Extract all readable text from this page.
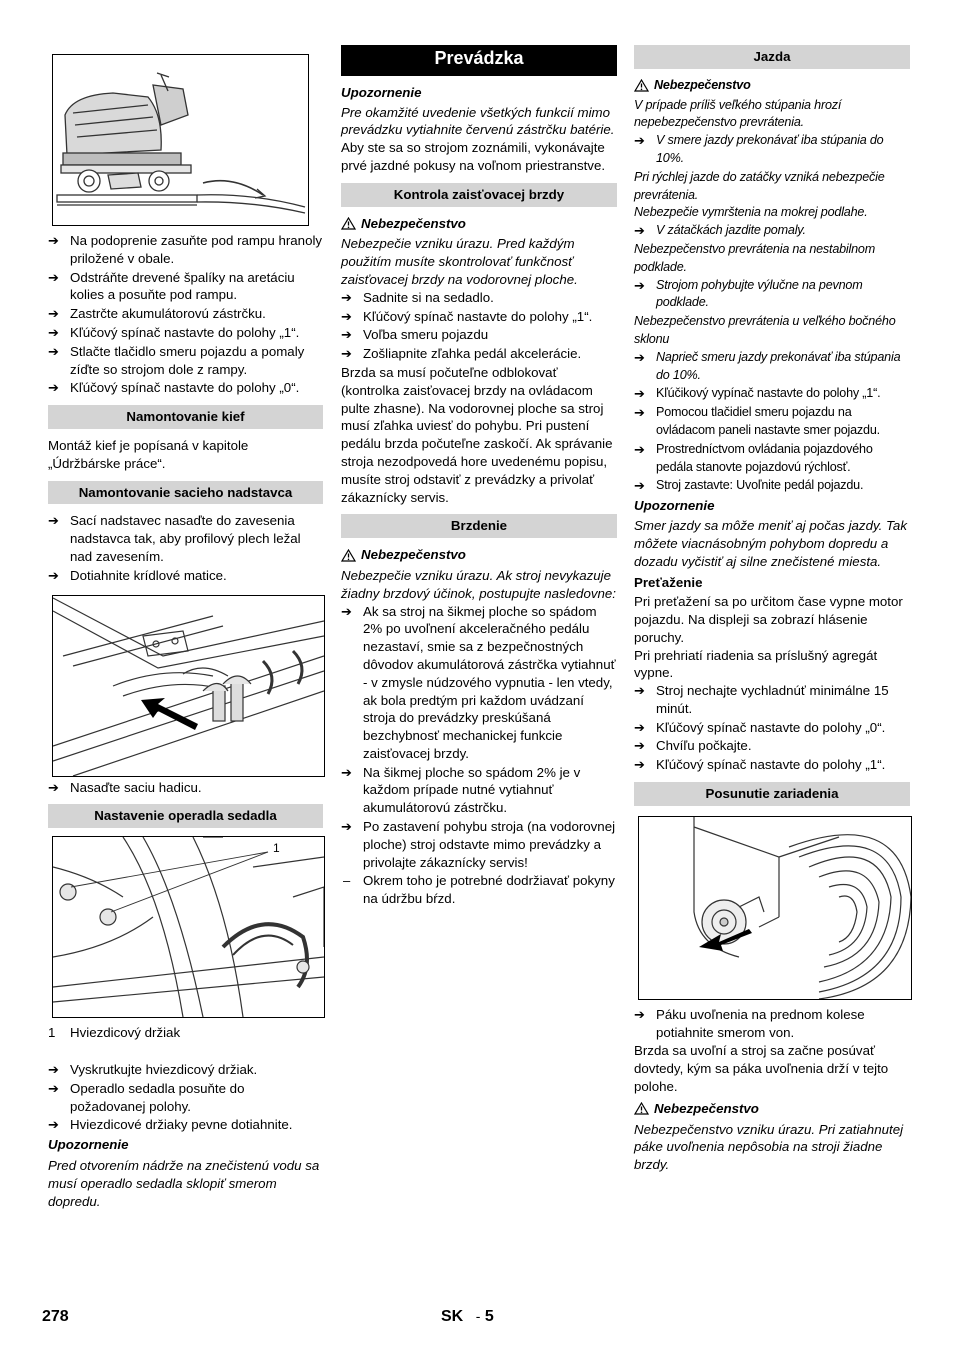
➔ Na podoprenie zasuňte pod rampu hranoly priložené v obale.
➔ Odstráňte drevené špalíky na aretáciu kolies a posuňte pod rampu.
➔ Zastrčte akumulátorovú zástrčku.
➔ Kľúčový spínač nastavte do polohy „1“.
➔ Stlačte tlačidlo smeru pojazdu a pomaly zíďte so strojom dole z rampy.
➔ Kľúčový spínač nastavte do polohy „0“.
Namontovanie kief

Montáž kief je popísaná v kapitole „Údržbárske práce“.

Namontovanie sacieho nadstavca
➔ Sací nadstavec nasaďte do zavesenia nadstavca tak, aby profilový plech ležal nad zavesením.
➔ Dotiahnite krídlové matice.
➔ Nasaďte saciu hadicu.
Nastavenie operadla sedadla
1
1 Hviezdicový držiak
➔ Vyskrutkujte hviezdicový držiak.
➔ Operadlo sedadla posuňte do požadovanej polohy.
➔ Hviezdicové držiaky pevne dotiahnite.

Upozornenie

Pred otvorením nádrže na znečistenú vodu sa musí operadlo sedadla sklopiť smerom dopredu.

Prevádzka

Upozornenie

Pre okamžité uvedenie všetkých funkcií mimo prevádzku vytiahnite červenú zástrčku batérie.

Aby ste sa so strojom zoznámili, vykonávajte prvé jazdné pokusy na voľnom priestranstve.

Kontrola zaisťovacej brzdy
Nebezpečenstvo

Nebezpečie vzniku úrazu. Pred každým použitím musíte skontrolovať funkčnosť zaisťovacej brzdy na vodorovnej ploche.

➔ Sadnite si na sedadlo.
➔ Kľúčový spínač nastavte do polohy „1“.
➔ Voľba smeru pojazdu
➔ Zošliapnite zľahka pedál akcelerácie.

Brzda sa musí počuteľne odblokovať (kontrolka zaisťovacej brzdy na ovládacom pulte zhasne). Na vodorovnej ploche sa stroj musí zľahka uviesť do pohybu. Pri pustení pedálu brzda počuteľne zaskočí. Ak správanie stroja nezodpovedá hore uvedenému popisu, musíte stroj odstaviť z prevádzky a privolať zákaznícky servis.

Brzdenie
Nebezpečenstvo

Nebezpečie vzniku úrazu. Ak stroj nevykazuje žiadny brzdový účinok, postupujte nasledovne:

➔ Ak sa stroj na šikmej ploche so spádom 2% po uvoľnení akceleračného pedálu nezastaví, smie sa z bezpečnostných dôvodov akumulátorová zástrčka vytiahnuť - v zmysle núdzového vypnutia - len vtedy, ak bola predtým pri každom uvádzaní stroja do prevádzky preskúšaná bezchybnosť mechanickej funkcie zaisťovacej brzdy.
➔ Na šikmej ploche so spádom 2% je v každom prípade nutné vytiahnuť akumulátorovú zástrčku.
➔ Po zastavení pohybu stroja (na vodorovnej ploche) stroj odstavte mimo prevádzky a privolajte zákaznícky servis!
– Okrem toho je potrebné dodržiavať pokyny na údržbu bŕzd.
Jazda
Nebezpečenstvo

V prípade príliš veľkého stúpania hrozí nepebezpečenstvo prevrátenia.

➔ V smere jazdy prekonávať iba stúpania do 10%.

Pri rýchlej jazde do zatáčky vzniká nebezpečie prevrátenia.

Nebezpečie vymrštenia na mokrej podlahe.

➔ V zátačkách jazdite pomaly.

Nebezpečenstvo prevrátenia na nestabilnom podklade.

➔ Strojom pohybujte výlučne na pevnom podklade.

Nebezpečenstvo prevrátenia u veľkého bočného sklonu

➔ Naprieč smeru jazdy prekonávať iba stúpania do 10%.
➔ Kľúčikový vypínač nastavte do polohy „1“.
➔ Pomocou tlačidiel smeru pojazdu na ovládacom paneli nastavte smer pojazdu.
➔ Prostredníctvom ovládania pojazdového pedála stanovte pojazdovú rýchlosť.
➔ Stroj zastavte: Uvoľnite pedál pojazdu.

Upozornenie

Smer jazdy sa môže meniť aj počas jazdy. Tak môžete viacnásobným pohybom dopredu a dozadu vyčistiť aj silne znečistené miesta.

Preťaženie

Pri preťažení sa po určitom čase vypne motor pojazdu. Na displeji sa zobrazí hlásenie poruchy.

Pri prehriatí riadenia sa príslušný agregát vypne.

➔ Stroj nechajte vychladnúť minimálne 15 minút.
➔ Kľúčový spínač nastavte do polohy „0“.
➔ Chvíľu počkajte.
➔ Kľúčový spínač nastavte do polohy „1“.
Posunutie zariadenia
➔ Páku uvoľnenia na prednom kolese potiahnite smerom von.

Brzda sa uvoľní a stroj sa začne posúvať dovtedy, kým sa páka uvoľnenia drží v tejto polohe.

Nebezpečenstvo

Nebezpečenstvo vzniku úrazu. Pri zatiahnutej páke uvoľnenia nepôsobia na stroji žiadne brzdy.

278	SK - 5
